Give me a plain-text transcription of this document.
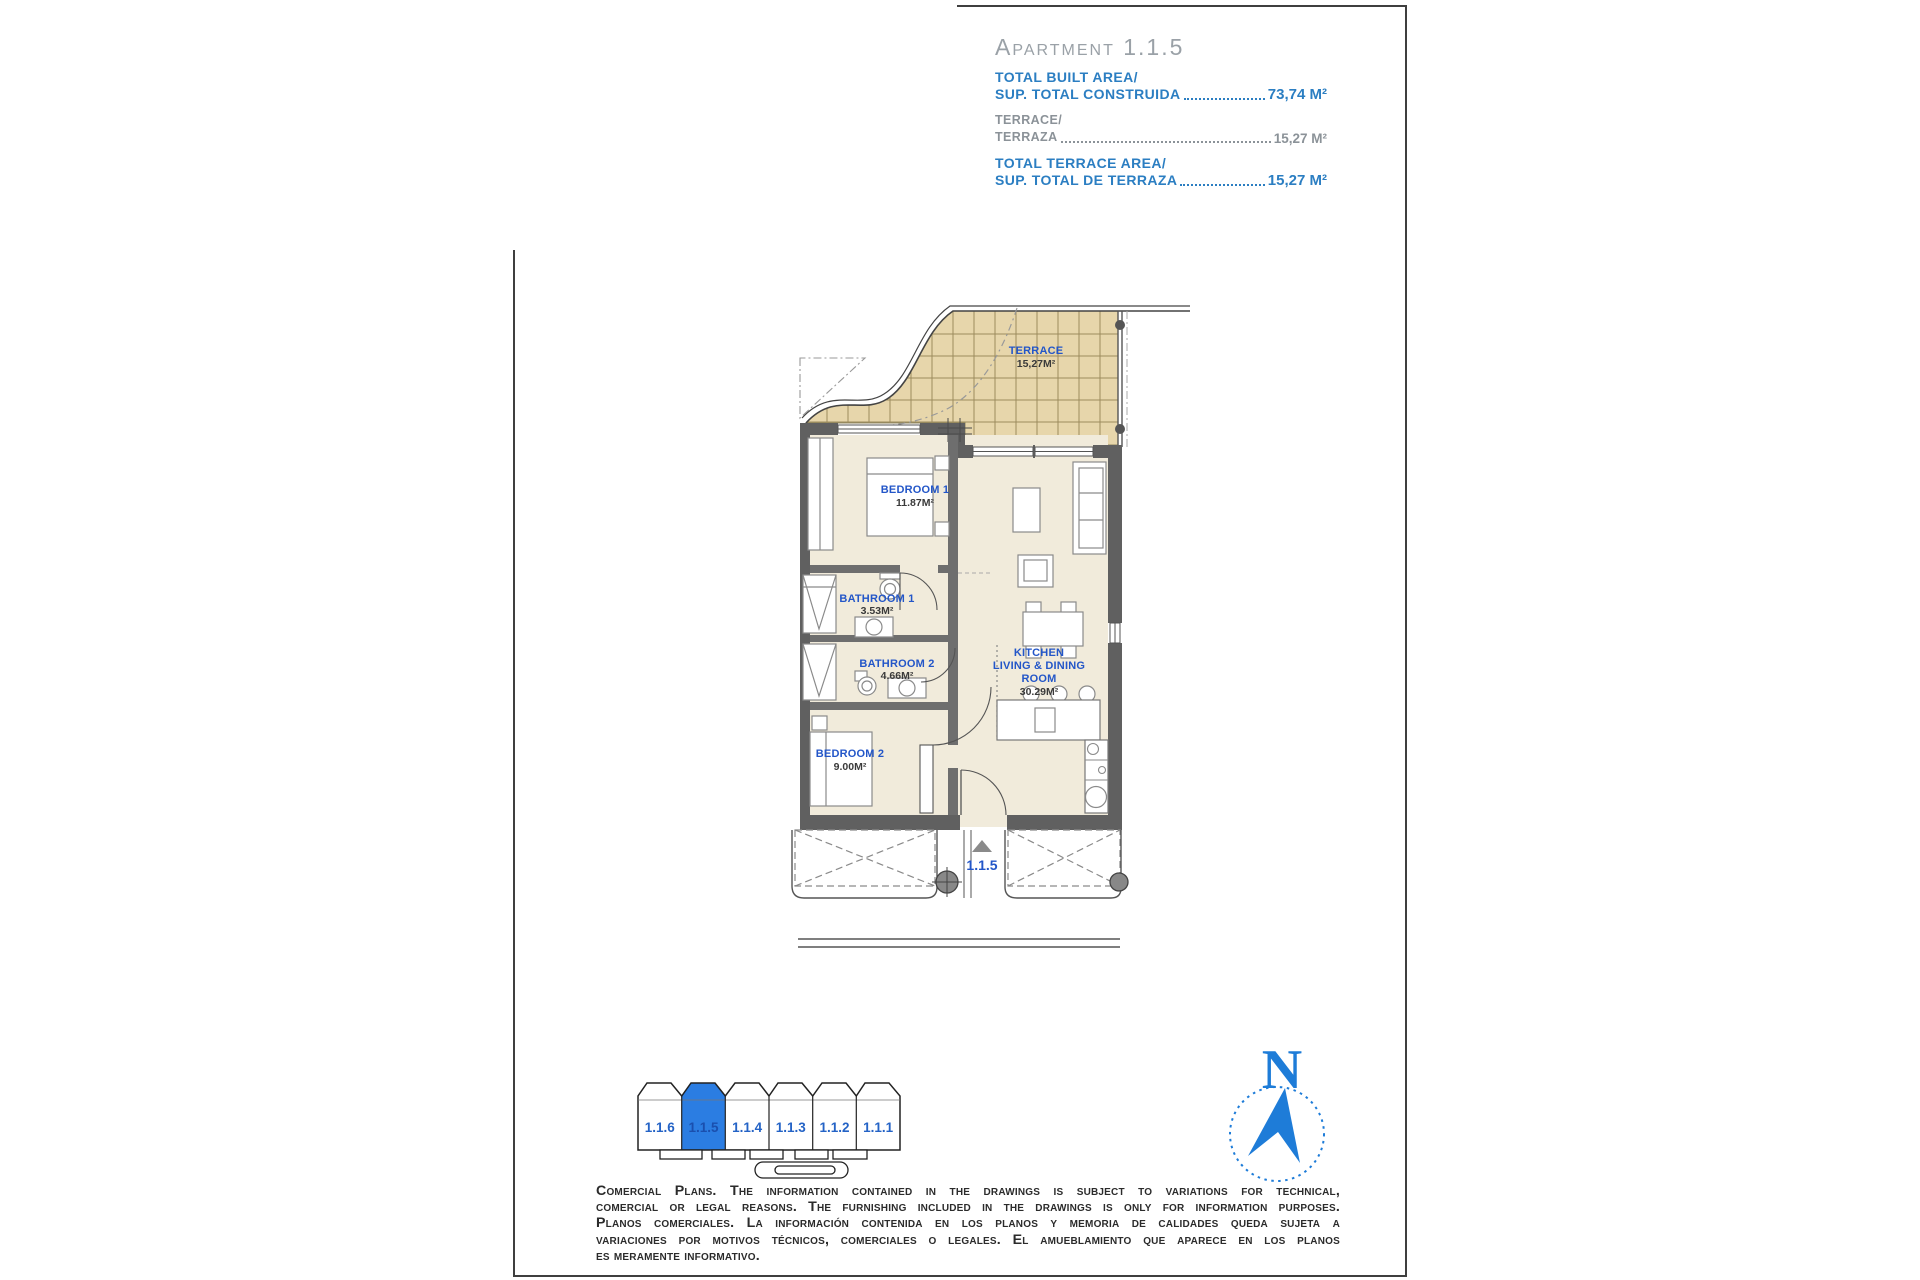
Apartment 1.1.5
TOTAL BUILT AREA/
SUP. TOTAL CONSTRUIDA	73,74 M²
TERRACE/
TERRAZA	15,27 M²
TOTAL TERRACE AREA/
SUP. TOTAL DE TERRAZA	15,27 M²
TERRACE
15,27M²
BEDROOM 1
11.87M²
BATHROOM 1
3.53M²
BATHROOM 2
4.66M²
BEDROOM 2
9.00M²
KITCHEN
LIVING & DINING
ROOM
30.29M²
1.1.5
1.1.6 1.1.5 1.1.4 1.1.3 1.1.2 1.1.1
N
Comercial Plans. The information contained in the drawings is subject to variations for technical,
comercial or legal reasons. The furnishing included in the drawings is only for information purposes.
Planos comerciales. La información contenida en los planos y memoria de calidades queda sujeta a
variaciones por motivos técnicos, comerciales o legales. El amueblamiento que aparece en los planos
es meramente informativo.
